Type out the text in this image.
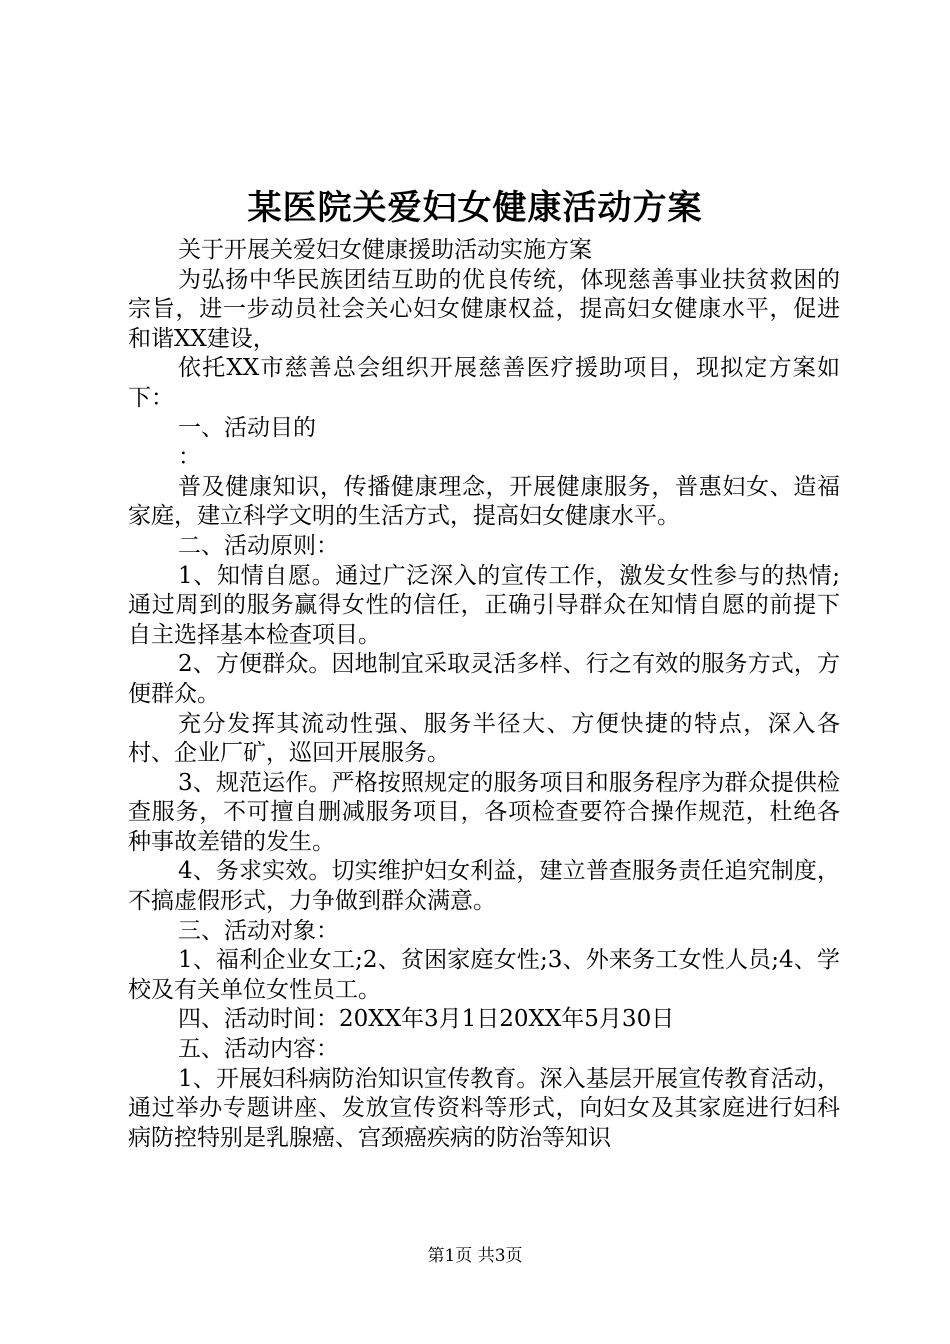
某医院关爱妇女健康活动方案

关于开展关爱妇女健康援助活动实施方案

为弘扬中华民族团结互助的优良传统，体现慈善事业扶贫救困的宗旨，进一步动员社会关心妇女健康权益，提高妇女健康水平，促进和谐XX建设，

依托XX市慈善总会组织开展慈善医疗援助项目，现拟定方案如下：

一、活动目的

：

普及健康知识，传播健康理念，开展健康服务，普惠妇女、造福家庭，建立科学文明的生活方式，提高妇女健康水平。

二、活动原则：

1、知情自愿。通过广泛深入的宣传工作，激发女性参与的热情;通过周到的服务赢得女性的信任，正确引导群众在知情自愿的前提下自主选择基本检查项目。

2、方便群众。因地制宜采取灵活多样、行之有效的服务方式，方便群众。

充分发挥其流动性强、服务半径大、方便快捷的特点，深入各村、企业厂矿，巡回开展服务。

3、规范运作。严格按照规定的服务项目和服务程序为群众提供检查服务，不可擅自删减服务项目，各项检查要符合操作规范，杜绝各种事故差错的发生。

4、务求实效。切实维护妇女利益，建立普查服务责任追究制度，不搞虚假形式，力争做到群众满意。

三、活动对象：

1、福利企业女工;2、贫困家庭女性;3、外来务工女性人员;4、学校及有关单位女性员工。

四、活动时间：20XX年3月1日20XX年5月30日

五、活动内容：

1、开展妇科病防治知识宣传教育。深入基层开展宣传教育活动，通过举办专题讲座、发放宣传资料等形式，向妇女及其家庭进行妇科病防控特别是乳腺癌、宫颈癌疾病的防治等知识

第1页 共3页
